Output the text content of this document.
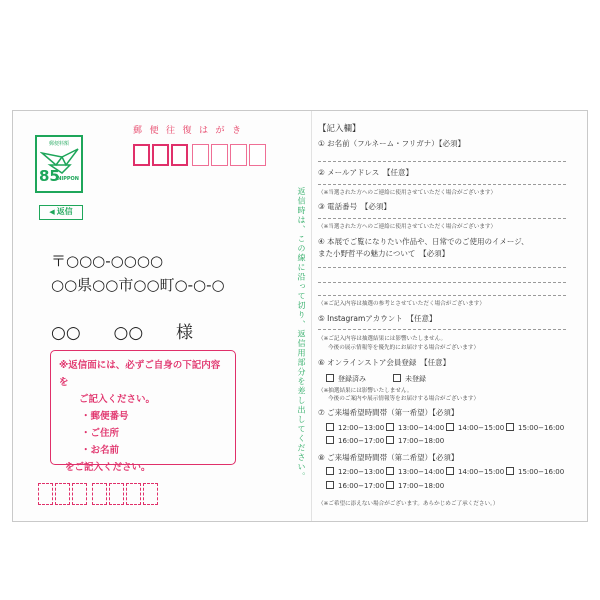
郵便料額
85
NIPPON
◀ 返信
郵便往復はがき
〒○○○-○○○○
○○県○○市○○町○-○-○
○○ ○○ 様
※返信面には、必ずご自身の下記内容を
ご記入ください。
・郵便番号
・ご住所
・お名前
をご記入ください。	返信時は、この線に沿って切り、返信用部分を差し出してください。
【記入欄】
① お名前（フルネーム・フリガナ）【必須】
② メールアドレス　【任意】
（※当選された方へのご連絡に使用させていただく場合がございます）
③ 電話番号　【必須】
（※当選された方へのご連絡に使用させていただく場合がございます）
④ 本展でご覧になりたい作品や、日常でのご使用のイメージ、
また小野哲平の魅力について　【必須】
（※ご記入内容は抽選の参考とさせていただく場合がございます）
⑤ Instagramアカウント　【任意】
（※ご記入内容は抽選結果には影響いたしません。
今後の展示情報等を優先的にお届けする場合がございます）
⑥ オンラインストア会員登録　【任意】
登録済み	未登録
（※抽選結果には影響いたしません。
今後のご案内や展示情報等をお届けする場合がございます）
⑦ ご来場希望時間帯（第一希望）【必須】
12:00−13:00	13:00−14:00	14:00−15:00	15:00−16:00
16:00−17:00	17:00−18:00
⑧ ご来場希望時間帯（第二希望）【必須】
12:00−13:00	13:00−14:00	14:00−15:00	15:00−16:00
16:00−17:00	17:00−18:00
（※ご希望に添えない場合がございます。あらかじめご了承ください。）
